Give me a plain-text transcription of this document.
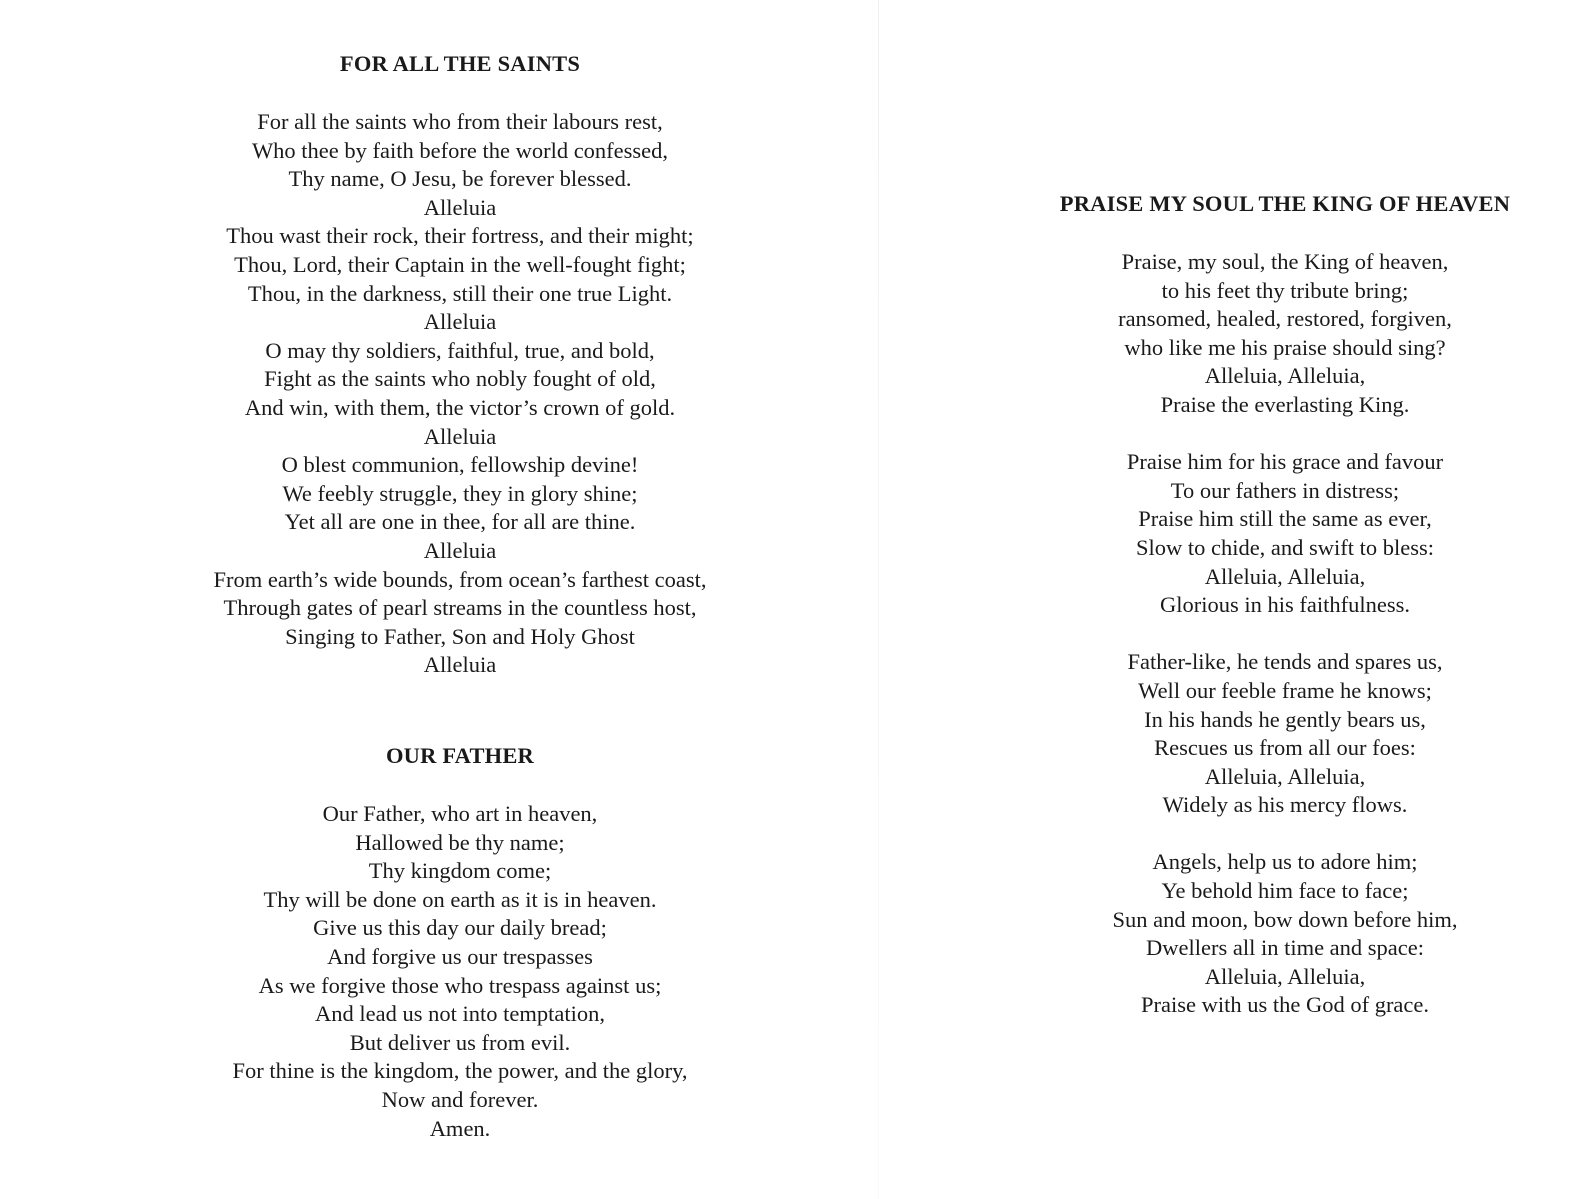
FOR ALL THE SAINTS
For all the saints who from their labours rest,
Who thee by faith before the world confessed,
Thy name, O Jesu, be forever blessed.
Alleluia
Thou wast their rock, their fortress, and their might;
Thou, Lord, their Captain in the well-fought fight;
Thou, in the darkness, still their one true Light.
Alleluia
O may thy soldiers, faithful, true, and bold,
Fight as the saints who nobly fought of old,
And win, with them, the victor’s crown of gold.
Alleluia
O blest communion, fellowship devine!
We feebly struggle, they in glory shine;
Yet all are one in thee, for all are thine.
Alleluia
From earth’s wide bounds, from ocean’s farthest coast,
Through gates of pearl streams in the countless host,
Singing to Father, Son and Holy Ghost
Alleluia
OUR FATHER
Our Father, who art in heaven,
Hallowed be thy name;
Thy kingdom come;
Thy will be done on earth as it is in heaven.
Give us this day our daily bread;
And forgive us our trespasses
As we forgive those who trespass against us;
And lead us not into temptation,
But deliver us from evil.
For thine is the kingdom, the power, and the glory,
Now and forever.
Amen.
PRAISE MY SOUL THE KING OF HEAVEN
Praise, my soul, the King of heaven,
to his feet thy tribute bring;
ransomed, healed, restored, forgiven,
who like me his praise should sing?
Alleluia, Alleluia,
Praise the everlasting King.
Praise him for his grace and favour
To our fathers in distress;
Praise him still the same as ever,
Slow to chide, and swift to bless:
Alleluia, Alleluia,
Glorious in his faithfulness.
Father-like, he tends and spares us,
Well our feeble frame he knows;
In his hands he gently bears us,
Rescues us from all our foes:
Alleluia, Alleluia,
Widely as his mercy flows.
Angels, help us to adore him;
Ye behold him face to face;
Sun and moon, bow down before him,
Dwellers all in time and space:
Alleluia, Alleluia,
Praise with us the God of grace.
